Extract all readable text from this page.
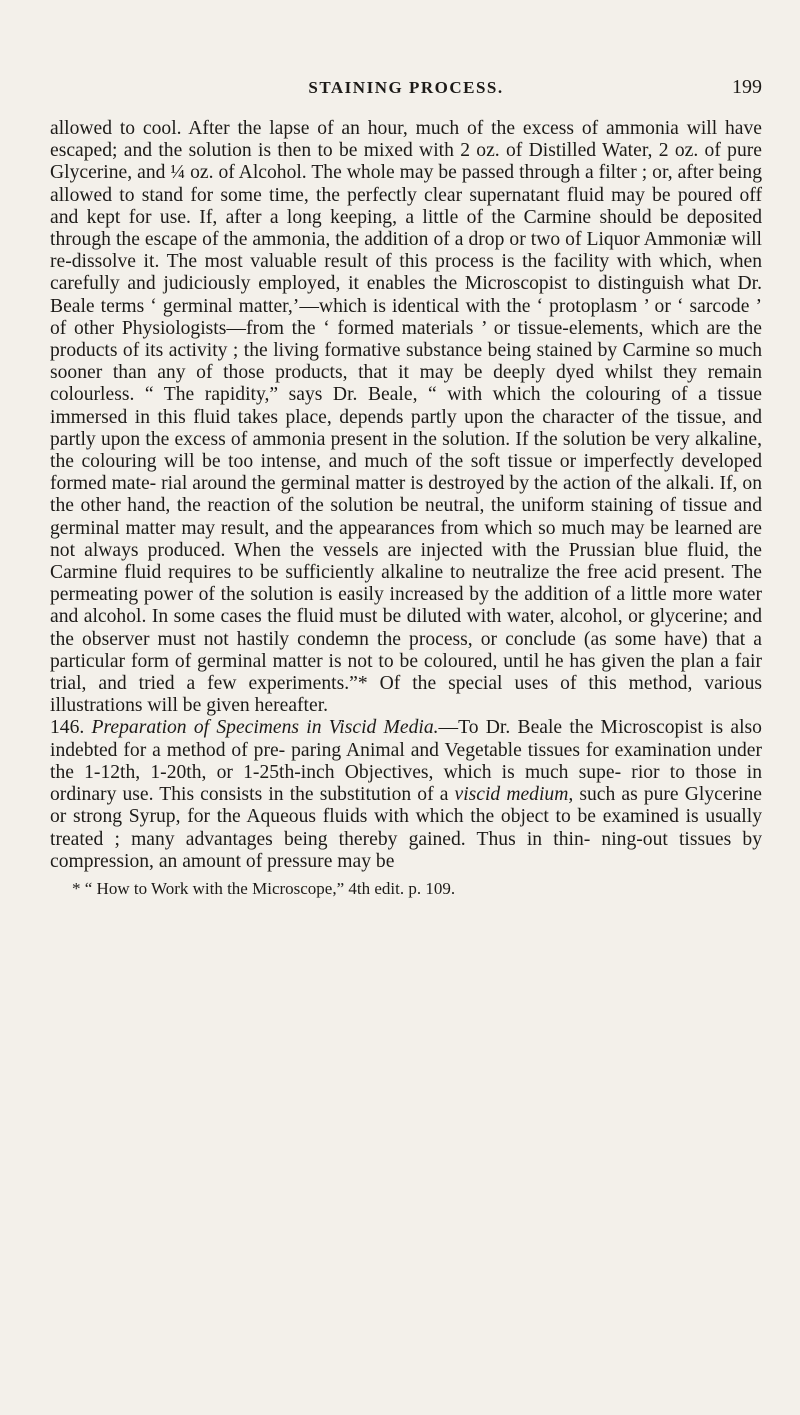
STAINING PROCESS.	199

allowed to cool. After the lapse of an hour, much of the excess of ammonia will have escaped; and the solution is then to be mixed with 2 oz. of Distilled Water, 2 oz. of pure Glycerine, and ¼ oz. of Alcohol. The whole may be passed through a filter ; or, after being allowed to stand for some time, the perfectly clear supernatant fluid may be poured off and kept for use. If, after a long keeping, a little of the Carmine should be deposited through the escape of the ammonia, the addition of a drop or two of Liquor Ammoniæ will re-dissolve it. The most valuable result of this process is the facility with which, when carefully and judiciously employed, it enables the Microscopist to distinguish what Dr. Beale terms ‘ germinal matter,’—which is identical with the ‘ protoplasm ’ or ‘ sarcode ’ of other Physiologists—from the ‘ formed materials ’ or tissue-elements, which are the products of its activity ; the living formative substance being stained by Carmine so much sooner than any of those products, that it may be deeply dyed whilst they remain colourless. “ The rapidity,” says Dr. Beale, “ with which the colouring of a tissue immersed in this fluid takes place, depends partly upon the character of the tissue, and partly upon the excess of ammonia present in the solution. If the solution be very alkaline, the colouring will be too intense, and much of the soft tissue or imperfectly developed formed mate- rial around the germinal matter is destroyed by the action of the alkali. If, on the other hand, the reaction of the solution be neutral, the uniform staining of tissue and germinal matter may result, and the appearances from which so much may be learned are not always produced. When the vessels are injected with the Prussian blue fluid, the Carmine fluid requires to be sufficiently alkaline to neutralize the free acid present. The permeating power of the solution is easily increased by the addition of a little more water and alcohol. In some cases the fluid must be diluted with water, alcohol, or glycerine; and the observer must not hastily condemn the process, or conclude (as some have) that a particular form of germinal matter is not to be coloured, until he has given the plan a fair trial, and tried a few experiments.”* Of the special uses of this method, various illustrations will be given hereafter.

146. Preparation of Specimens in Viscid Media.—To Dr. Beale the Microscopist is also indebted for a method of pre- paring Animal and Vegetable tissues for examination under the 1-12th, 1-20th, or 1-25th-inch Objectives, which is much supe- rior to those in ordinary use. This consists in the substitution of a viscid medium, such as pure Glycerine or strong Syrup, for the Aqueous fluids with which the object to be examined is usually treated ; many advantages being thereby gained. Thus in thin- ning-out tissues by compression, an amount of pressure may be

* “ How to Work with the Microscope,” 4th edit. p. 109.
